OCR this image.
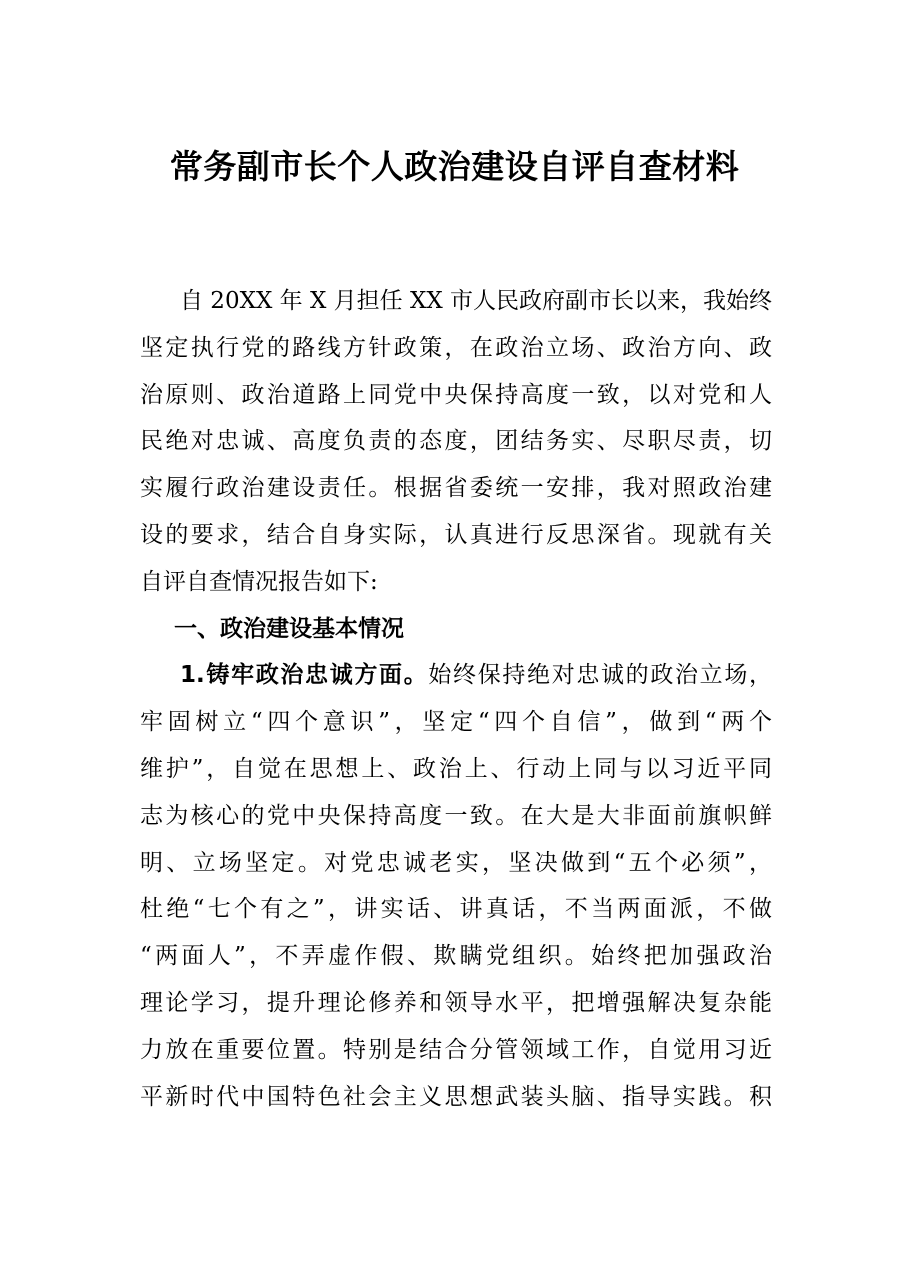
常务副市长个人政治建设自评自查材料
自 20XX 年 X 月担任 XX 市人民政府副市长以来，我始终
坚定执行党的路线方针政策，在政治立场、政治方向、政
治原则、政治道路上同党中央保持高度一致，以对党和人
民绝对忠诚、高度负责的态度，团结务实、尽职尽责，切
实履行政治建设责任。根据省委统一安排，我对照政治建
设的要求，结合自身实际，认真进行反思深省。现就有关
自评自查情况报告如下:
一、政治建设基本情况
1.铸牢政治忠诚方面。始终保持绝对忠诚的政治立场，
牢固树立“四个意识”，坚定“四个自信”，做到“两个
维护”，自觉在思想上、政治上、行动上同与以习近平同
志为核心的党中央保持高度一致。在大是大非面前旗帜鲜
明、立场坚定。对党忠诚老实，坚决做到“五个必须”，
杜绝“七个有之”，讲实话、讲真话，不当两面派，不做
“两面人”，不弄虚作假、欺瞒党组织。始终把加强政治
理论学习，提升理论修养和领导水平，把增强解决复杂能
力放在重要位置。特别是结合分管领域工作，自觉用习近
平新时代中国特色社会主义思想武装头脑、指导实践。积
